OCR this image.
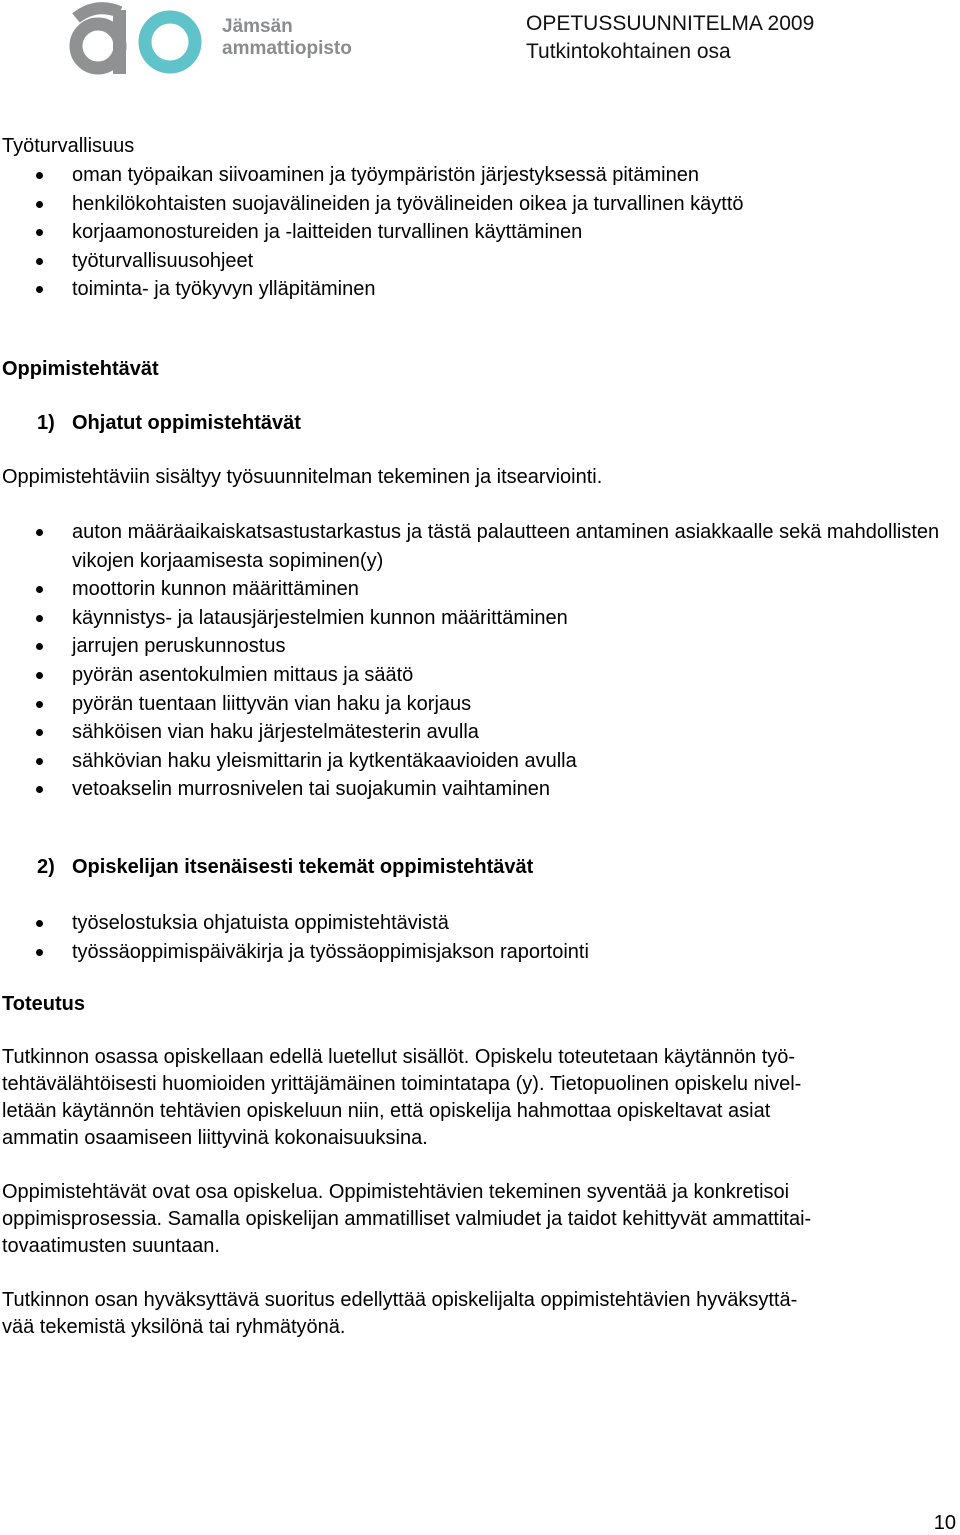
Jämsän
ammattiopisto
OPETUSSUUNNITELMA 2009
Tutkintokohtainen osa

Työturvallisuus

oman työpaikan siivoaminen ja työympäristön järjestyksessä pitäminen
henkilökohtaisten suojavälineiden ja työvälineiden oikea ja turvallinen käyttö
korjaamonostureiden ja -laitteiden turvallinen käyttäminen
työturvallisuusohjeet
toiminta- ja työkyvyn ylläpitäminen

Oppimistehtävät

1) Ohjatut oppimistehtävät

Oppimistehtäviin sisältyy työsuunnitelman tekeminen ja itsearviointi.

auton määräaikaiskatsastustarkastus ja tästä palautteen antaminen asiakkaalle sekä mahdollisten vikojen korjaamisesta sopiminen(y)
moottorin kunnon määrittäminen
käynnistys- ja latausjärjestelmien kunnon määrittäminen
jarrujen peruskunnostus
pyörän asentokulmien mittaus ja säätö
pyörän tuentaan liittyvän vian haku ja korjaus
sähköisen vian haku järjestelmätesterin avulla
sähkövian haku yleismittarin ja kytkentäkaavioiden avulla
vetoakselin murrosnivelen tai suojakumin vaihtaminen
2) Opiskelijan itsenäisesti tekemät oppimistehtävät
työselostuksia ohjatuista oppimistehtävistä
työssäoppimispäiväkirja ja työssäoppimisjakson raportointi

Toteutus

Tutkinnon osassa opiskellaan edellä luetellut sisällöt. Opiskelu toteutetaan käytännön työ-
tehtävälähtöisesti huomioiden yrittäjämäinen toimintatapa (y). Tietopuolinen opiskelu nivel-
letään käytännön tehtävien opiskeluun niin, että opiskelija hahmottaa opiskeltavat asiat
ammatin osaamiseen liittyvinä kokonaisuuksina.
Oppimistehtävät ovat osa opiskelua. Oppimistehtävien tekeminen syventää ja konkretisoi
oppimisprosessia. Samalla opiskelijan ammatilliset valmiudet ja taidot kehittyvät ammattitai-
tovaatimusten suuntaan.
Tutkinnon osan hyväksyttävä suoritus edellyttää opiskelijalta oppimistehtävien hyväksyttä-
vää tekemistä yksilönä tai ryhmätyönä.
10
